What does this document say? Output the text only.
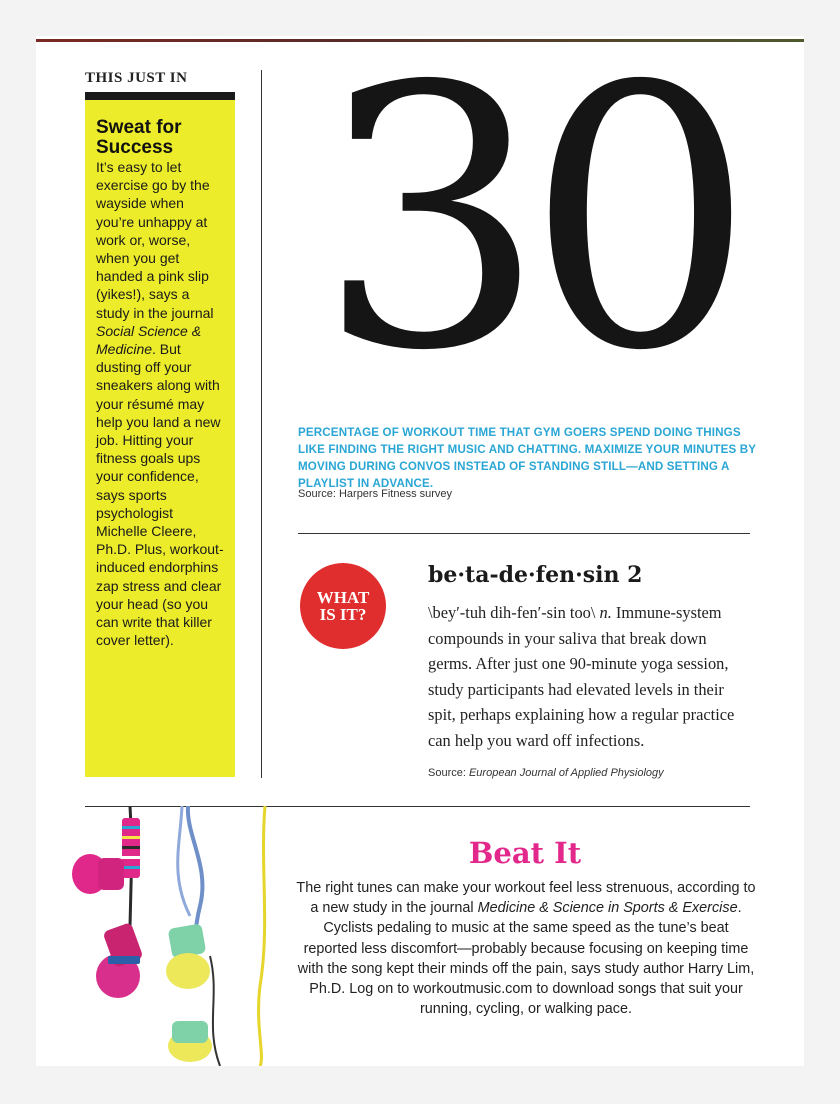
THIS JUST IN
Sweat for
Success

It’s easy to let exercise go by the wayside when you’re unhappy at work or, worse, when you get handed a pink slip (yikes!), says a study in the journal Social Science & Medicine. But dusting off your sneakers along with your résumé may help you land a new job. Hitting your fitness goals ups your confidence, says sports psychologist Michelle Cleere, Ph.D. Plus, workout-induced endorphins zap stress and clear your head (so you can write that killer cover letter).

30
PERCENTAGE OF WORKOUT TIME THAT GYM GOERS SPEND DOING THINGS LIKE FINDING THE RIGHT MUSIC AND CHATTING. MAXIMIZE YOUR MINUTES BY MOVING DURING CONVOS INSTEAD OF STANDING STILL—AND SETTING A PLAYLIST IN ADVANCE.
Source: Harpers Fitness survey
WHAT
IS IT?
be·ta-de·fen·sin 2
\bey′-tuh dih-fen′-sin too\ n. Immune-system compounds in your saliva that break down germs. After just one 90-minute yoga session, study participants had elevated levels in their spit, perhaps explaining how a regular practice can help you ward off infections.
Source: European Journal of Applied Physiology
Beat It
The right tunes can make your workout feel less strenuous, according to a new study in the journal Medicine & Science in Sports & Exercise. Cyclists pedaling to music at the same speed as the tune’s beat reported less discomfort—probably because focusing on keeping time with the song kept their minds off the pain, says study author Harry Lim, Ph.D. Log on to workoutmusic.com to download songs that suit your running, cycling, or walking pace.
